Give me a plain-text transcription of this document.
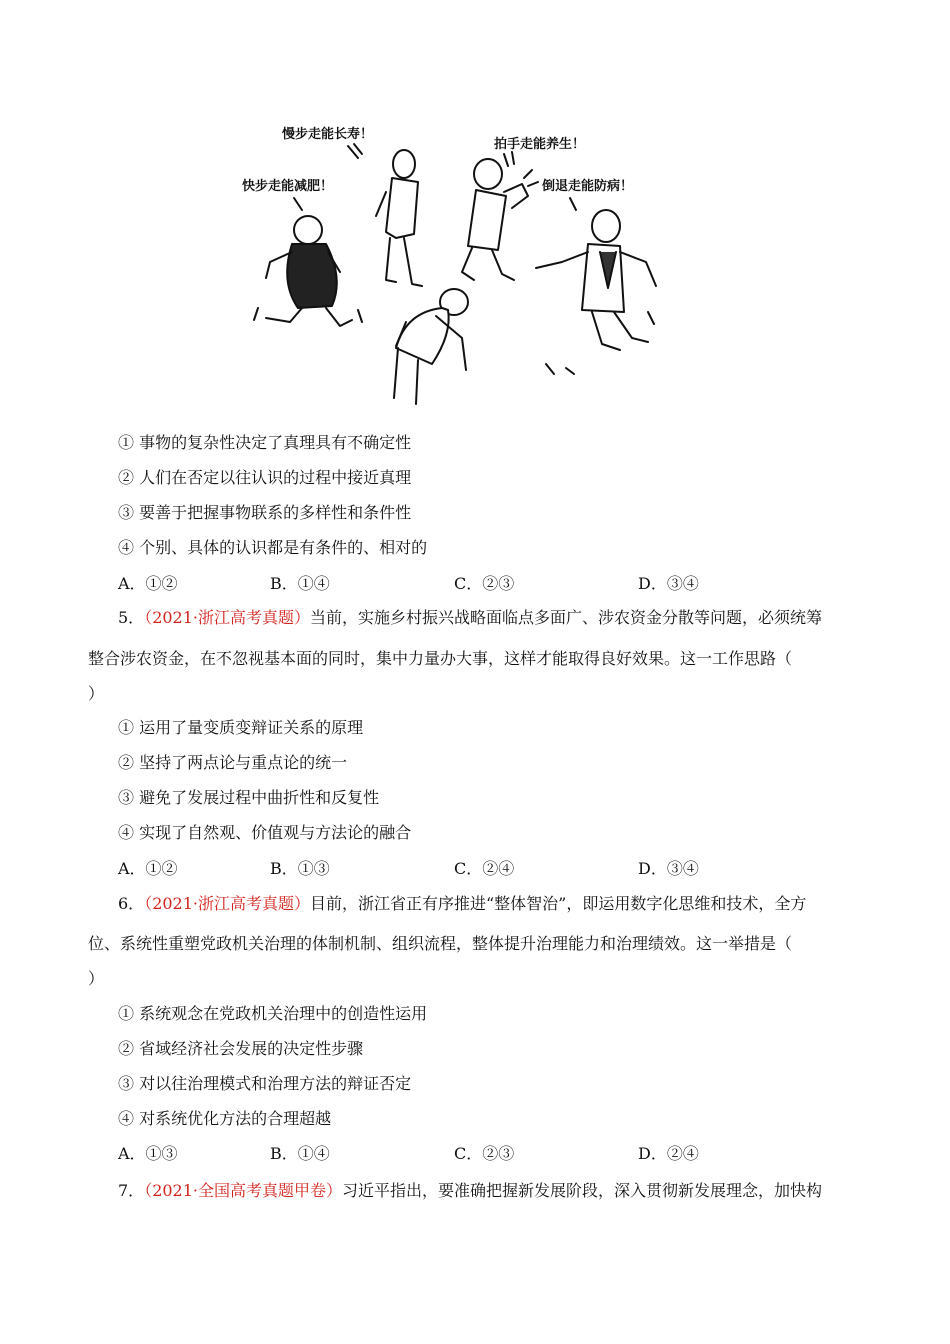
慢步走能长寿！
拍手走能养生！
快步走能减肥！	倒退走能防病！
① 事物的复杂性决定了真理具有不确定性
② 人们在否定以往认识的过程中接近真理
③ 要善于把握事物联系的多样性和条件性
④ 个别、具体的认识都是有条件的、相对的
A．①②	B．①④	C．②③	D．③④
5．（2021·浙江高考真题）当前，实施乡村振兴战略面临点多面广、涉农资金分散等问题，必须统筹
整合涉农资金，在不忽视基本面的同时，集中力量办大事，这样才能取得良好效果。这一工作思路（
）
① 运用了量变质变辩证关系的原理
② 坚持了两点论与重点论的统一
③ 避免了发展过程中曲折性和反复性
④ 实现了自然观、价值观与方法论的融合
A．①②	B．①③	C．②④	D．③④
6．（2021·浙江高考真题）目前，浙江省正有序推进“整体智治”，即运用数字化思维和技术，全方
位、系统性重塑党政机关治理的体制机制、组织流程，整体提升治理能力和治理绩效。这一举措是（
）
① 系统观念在党政机关治理中的创造性运用
② 省域经济社会发展的决定性步骤
③ 对以往治理模式和治理方法的辩证否定
④ 对系统优化方法的合理超越
A．①③	B．①④	C．②③	D．②④
7．（2021·全国高考真题甲卷）习近平指出，要准确把握新发展阶段，深入贯彻新发展理念，加快构
